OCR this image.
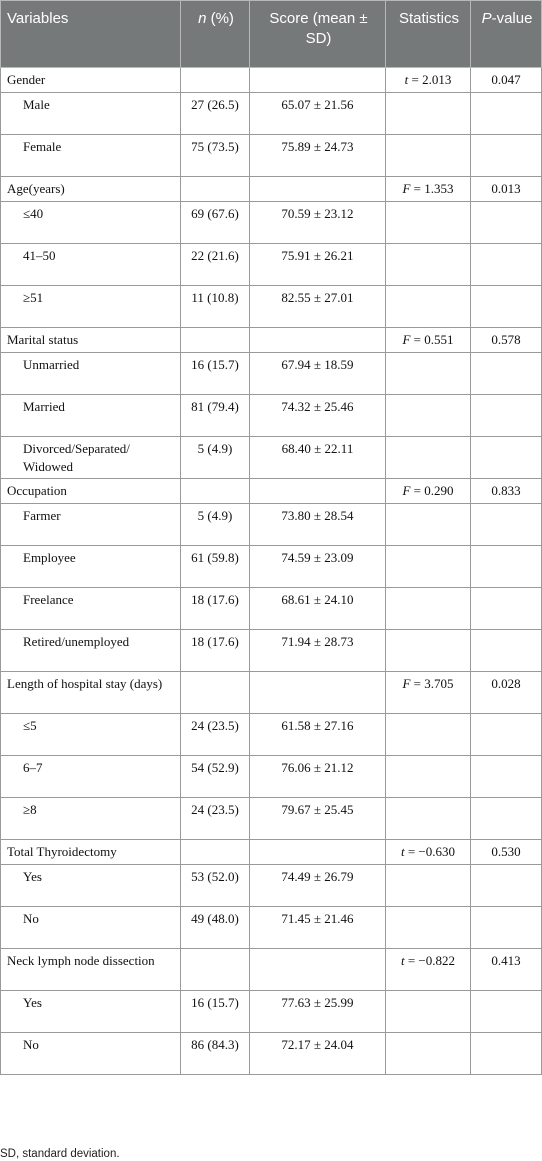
Variables	n (%)	Score (mean ± SD)	Statistics	P-value
Gender			t = 2.013	0.047
Male	27 (26.5)	65.07 ± 21.56		
Female	75 (73.5)	75.89 ± 24.73		
Age(years)			F = 1.353	0.013
≤40	69 (67.6)	70.59 ± 23.12		
41–50	22 (21.6)	75.91 ± 26.21		
≥51	11 (10.8)	82.55 ± 27.01		
Marital status			F = 0.551	0.578
Unmarried	16 (15.7)	67.94 ± 18.59		
Married	81 (79.4)	74.32 ± 25.46		
Divorced/Separated/ Widowed	5 (4.9)	68.40 ± 22.11		
Occupation			F = 0.290	0.833
Farmer	5 (4.9)	73.80 ± 28.54		
Employee	61 (59.8)	74.59 ± 23.09		
Freelance	18 (17.6)	68.61 ± 24.10		
Retired/unemployed	18 (17.6)	71.94 ± 28.73		
Length of hospital stay (days)			F = 3.705	0.028
≤5	24 (23.5)	61.58 ± 27.16		
6–7	54 (52.9)	76.06 ± 21.12		
≥8	24 (23.5)	79.67 ± 25.45		
Total Thyroidectomy			t = −0.630	0.530
Yes	53 (52.0)	74.49 ± 26.79		
No	49 (48.0)	71.45 ± 21.46		
Neck lymph node dissection			t = −0.822	0.413
Yes	16 (15.7)	77.63 ± 25.99		
No	86 (84.3)	72.17 ± 24.04		
SD, standard deviation.
